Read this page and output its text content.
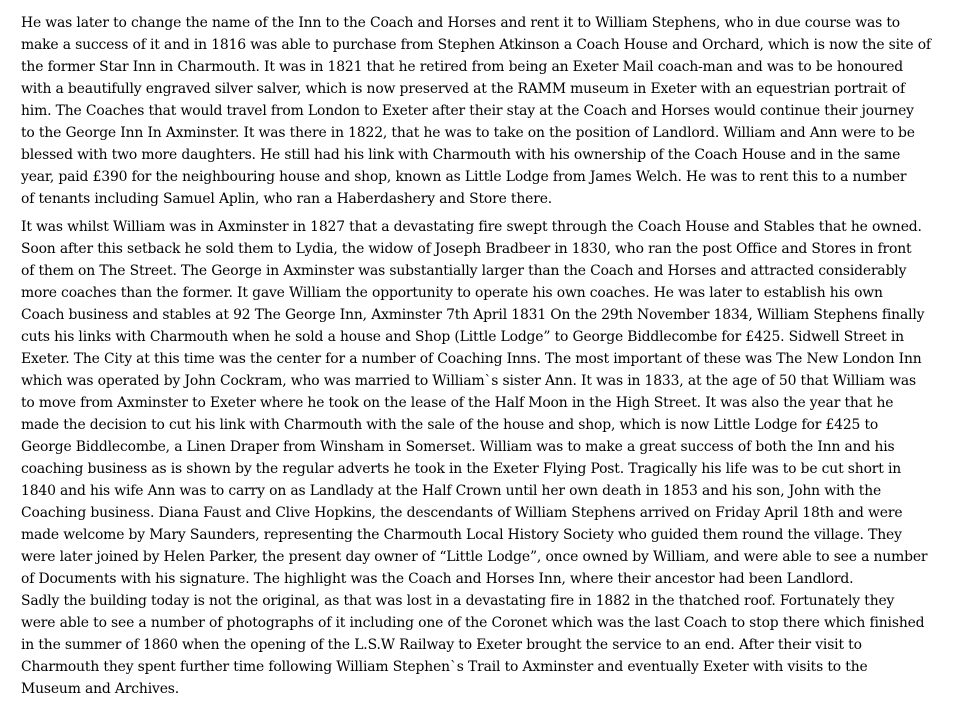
He was later to change the name of the Inn to the Coach and Horses and rent it to William Stephens, who in due course was to
make a success of it and in 1816 was able to purchase from Stephen Atkinson a Coach House and Orchard, which is now the site of
the former Star Inn in Charmouth. It was in 1821 that he retired from being an Exeter Mail coach-man and was to be honoured
with a beautifully engraved silver salver, which is now preserved at the RAMM museum in Exeter with an equestrian portrait of
him. The Coaches that would travel from London to Exeter after their stay at the Coach and Horses would continue their journey
to the George Inn In Axminster. It was there in 1822, that he was to take on the position of Landlord. William and Ann were to be
blessed with two more daughters. He still had his link with Charmouth with his ownership of the Coach House and in the same
year, paid £390 for the neighbouring house and shop, known as Little Lodge from James Welch. He was to rent this to a number
of tenants including Samuel Aplin, who ran a Haberdashery and Store there.
It was whilst William was in Axminster in 1827 that a devastating fire swept through the Coach House and Stables that he owned.
Soon after this setback he sold them to Lydia, the widow of Joseph Bradbeer in 1830, who ran the post Office and Stores in front
of them on The Street. The George in Axminster was substantially larger than the Coach and Horses and attracted considerably
more coaches than the former. It gave William the opportunity to operate his own coaches. He was later to establish his own
Coach business and stables at 92 The George Inn, Axminster 7th April 1831 On the 29th November 1834, William Stephens finally
cuts his links with Charmouth when he sold a house and Shop (Little Lodge” to George Biddlecombe for £425. Sidwell Street in
Exeter. The City at this time was the center for a number of Coaching Inns. The most important of these was The New London Inn
which was operated by John Cockram, who was married to William`s sister Ann. It was in 1833, at the age of 50 that William was
to move from Axminster to Exeter where he took on the lease of the Half Moon in the High Street. It was also the year that he
made the decision to cut his link with Charmouth with the sale of the house and shop, which is now Little Lodge for £425 to
George Biddlecombe, a Linen Draper from Winsham in Somerset. William was to make a great success of both the Inn and his
coaching business as is shown by the regular adverts he took in the Exeter Flying Post. Tragically his life was to be cut short in
1840 and his wife Ann was to carry on as Landlady at the Half Crown until her own death in 1853 and his son, John with the
Coaching business. Diana Faust and Clive Hopkins, the descendants of William Stephens arrived on Friday April 18th and were
made welcome by Mary Saunders, representing the Charmouth Local History Society who guided them round the village. They
were later joined by Helen Parker, the present day owner of “Little Lodge”, once owned by William, and were able to see a number
of Documents with his signature. The highlight was the Coach and Horses Inn, where their ancestor had been Landlord.
Sadly the building today is not the original, as that was lost in a devastating fire in 1882 in the thatched roof. Fortunately they
were able to see a number of photographs of it including one of the Coronet which was the last Coach to stop there which finished
in the summer of 1860 when the opening of the L.S.W Railway to Exeter brought the service to an end. After their visit to
Charmouth they spent further time following William Stephen`s Trail to Axminster and eventually Exeter with visits to the
Museum and Archives.
